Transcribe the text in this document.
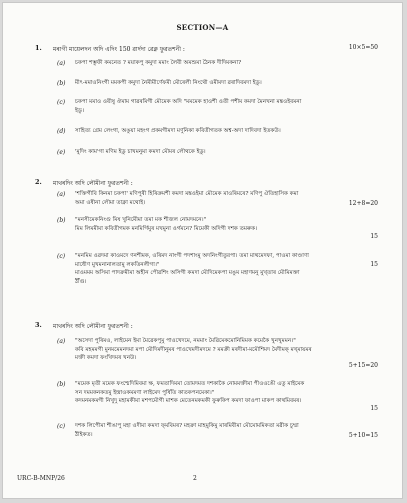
SECTION—A
1. মৰাগী মায়েলদন অদি এদিং 150 ৱাৰ্দদা ৱেক্ন ফুৱতশনী :	10×5=50
(a) চকপা শম্ভুফী কমনেত ? ময়াকপু কমুদা মমাং লৈবী অমশুমা ঠৈনক দীদিমকনা?
(b) মীৎ-মমাওনিংগী মমকপী কমুদা নৈমীমীৰ্ণেফমী মৌৰেলী নিংথৌ ওমীমদা ৱৰাদিবমদা ইডু।
(c) চকপা মমাও ওয়ীষু ঔমাম গাৱৰমিগী মৌমেক অদি "মমমেক হাওশী ওতী পশীম কমদা মৈনখনা মঙ্কওইবমনা
ইডু।
(d) সাহিত্য গ্ৰেম লেংগা, অঙুয়া মহংগ প্ৰকমগীমদা মণুনিকা কবিতীগতক অশ্ব-অদা দাদিবদা ইতকউ।
(e) 'মুদিং কাম'গা মণিম ইডু চাখমনুমা কমদা মৌমৰ লৌথকে ইডু।
2. মাথৰদিং অদি লৌমীনা ফুৱতশনী :
(a) 'শক্তিগীবি কিনমা চকপা' মণিপুৰী হিৰিক্ৰমশী কমদা মঙ্কওইমা মৌমেক মাওৰিমৰে? মণিপু ঐতিহাসিক কমা
অমা ওষীনা লৌমা তাক্না মথোই।	12+8=20
(b) "মনসীমেকনিংগু মিষ খুনিমেীমা তমা মক শীজল নোমদমনে।"
মিম লিমমীমা কবিতীগমক মনমিৰ্গিমুৰ মখমুনা ওৰ্গমনে? মিমেকী অদিগী দশক তমৰুক।
15
(c) "মনমিম ওৱদমা কাওমদে ণনশীমক, ওৰিমদ নাংগী পদশাংমু অদনিংগীতুরপা। তমা মাথমেদফা, পাওমা কাণ্ডাণা
মাধৌণ মুখমনানালতামু লকতিনলীগা।"
মাওমমম অসিমা পাদক্ৰমীমা অহীন পৌৱশিং অসিগী কমদা মৌদিমেকপা মঙুম মহাণমনু মুখ্তাৰ মৌমিমক্তা
ঠীঁগু।
15
3. মাথৰদিং অদি লৌমীনা ফুৱতশনী :
(a) "অসেদা পুৰিমও, লাইমেন ইমা মৈৱেকপুমু পাওখেদমে, নমমাং মৈৱিমেকমোনিমিমক কমেকৈ খুনখুমমন।"
কবি মহমমগী মুনমমেমনদমা মপা মৌদিমদীনুমৰ পাওখেমদীমদমে ? মমক্ৰী মৰদীমা-মমৌশিমদ মৈদীমক্ মখ্মায়মৰ
মক্তী কমদা ফংখিদমৰ খনউ।
5+15=20
(b) "মমেক মৃতী মমেক ফংশ্মেদিমিবমা ক্ষ, ফমতাদিমমা তোমদমত দশকাকৈ নোমমক্তীমা পীওওঙেী এতু মাইমেক
সন দমমকনকতমু ইন্দ্ৰাওকমমণা লাইমেদ পুৰ্ষিতি কাতকপনমেকা।"
কদমনমকমগী নিখুদু মহামকীমা মশপমৌগী মাশক মেতেনমকমকী ফুৰুকিপ কমদা ফাওপা মাকপ কাথমিবমৰ।
15
(c) দশক লিপেীমা শীঙাপু মহা ওদীমা কমদা ফ্মবিমৰ? মহক্ৰা মাহমুকিমু মাৰমিবীমা মৌমোমমিকতা মৱীক চুম্মা
ঠীইকত।	5+10=15
URC-B-MNP/26	2
